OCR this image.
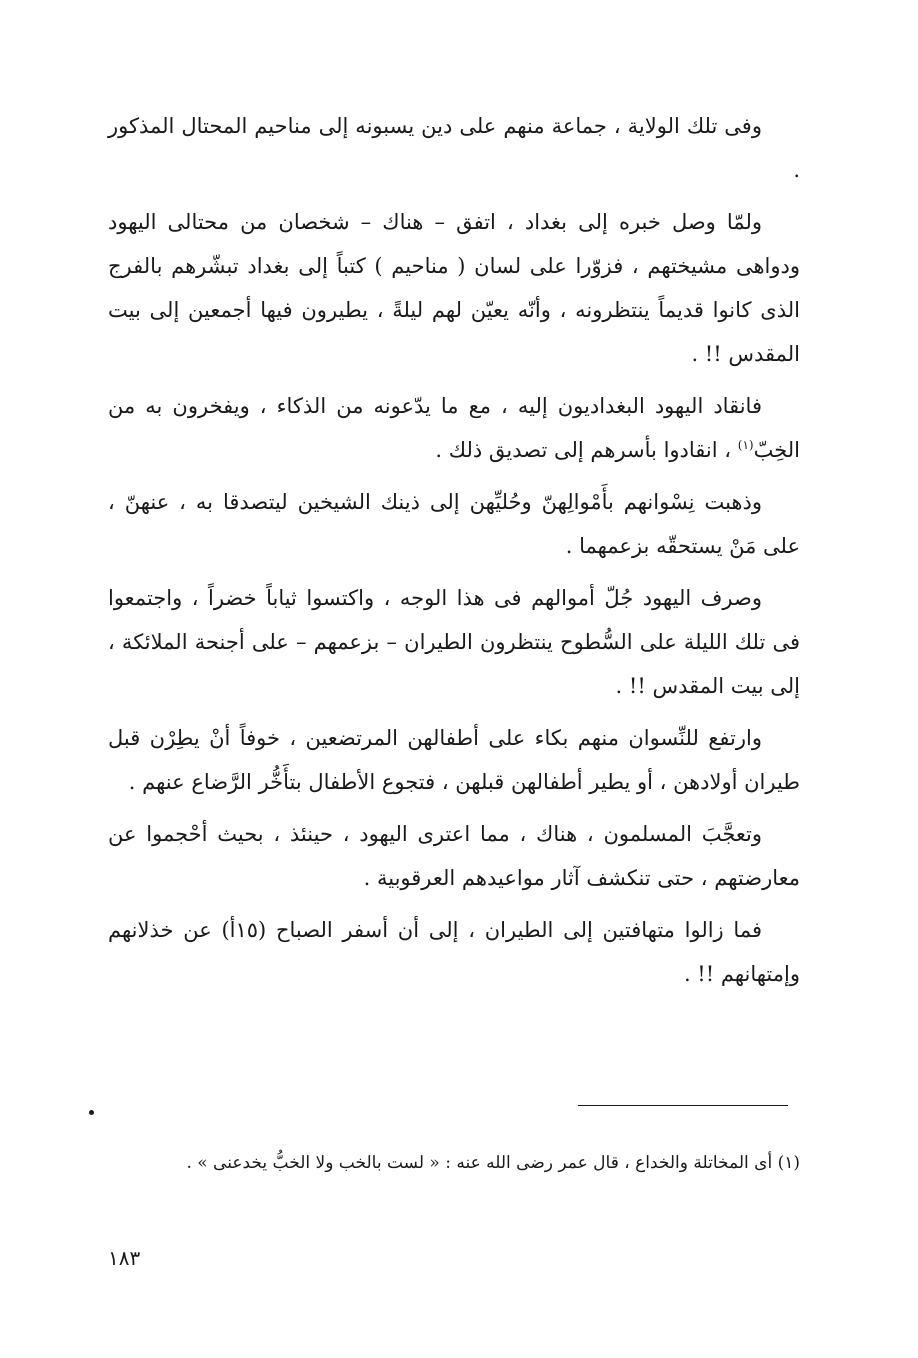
وفى تلك الولاية ، جماعة منهم على دين يسبونه إلى مناحيم المحتال المذكور .

ولمّا وصل خبره إلى بغداد ، اتفق – هناك – شخصان من محتالى اليهود ودواهى مشيختهم ، فزوّرا على لسان ( مناحيم ) كتباً إلى بغداد تبشّرهم بالفرج الذى كانوا قديماً ينتظرونه ، وأنّه يعيّن لهم ليلةً ، يطيرون فيها أجمعين إلى بيت المقدس !! .

فانقاد اليهود البغداديون إليه ، مع ما يدّعونه من الذكاء ، ويفخرون به من الخِبّ$^{(١)}$ ، انقادوا بأسرهم إلى تصديق ذلك .

وذهبت نِسْوانهم بأَمْوالِهنّ وحُليِّهن إلى ذينك الشيخين ليتصدقا به ، عنهنّ ، على مَنْ يستحقّه بزعمهما .

وصرف اليهود جُلّ أموالهم فى هذا الوجه ، واكتسوا ثياباً خضراً ، واجتمعوا فى تلك الليلة على السُّطوح ينتظرون الطيران – بزعمهم – على أجنحة الملائكة ، إلى بيت المقدس !! .

وارتفع للنِّسوان منهم بكاء على أطفالهن المرتضعين ، خوفاً أنْ يطِرْن قبل طيران أولادهن ، أو يطير أطفالهن قبلهن ، فتجوع الأطفال بتأَخُّر الرَّضاع عنهم .

وتعجَّبَ المسلمون ، هناك ، مما اعترى اليهود ، حينئذ ، بحيث أحْجموا عن معارضتهم ، حتى تنكشف آثار مواعيدهم العرقوبية .

فما زالوا متهافتين إلى الطيران ، إلى أن أسفر الصباح (١٥أ) عن خذلانهم وإمتهانهم !! .

(١) أى المخاتلة والخداع ، قال عمر رضى الله عنه : « لست بالخب ولا الخبُّ يخدعنى » .

١٨٣
